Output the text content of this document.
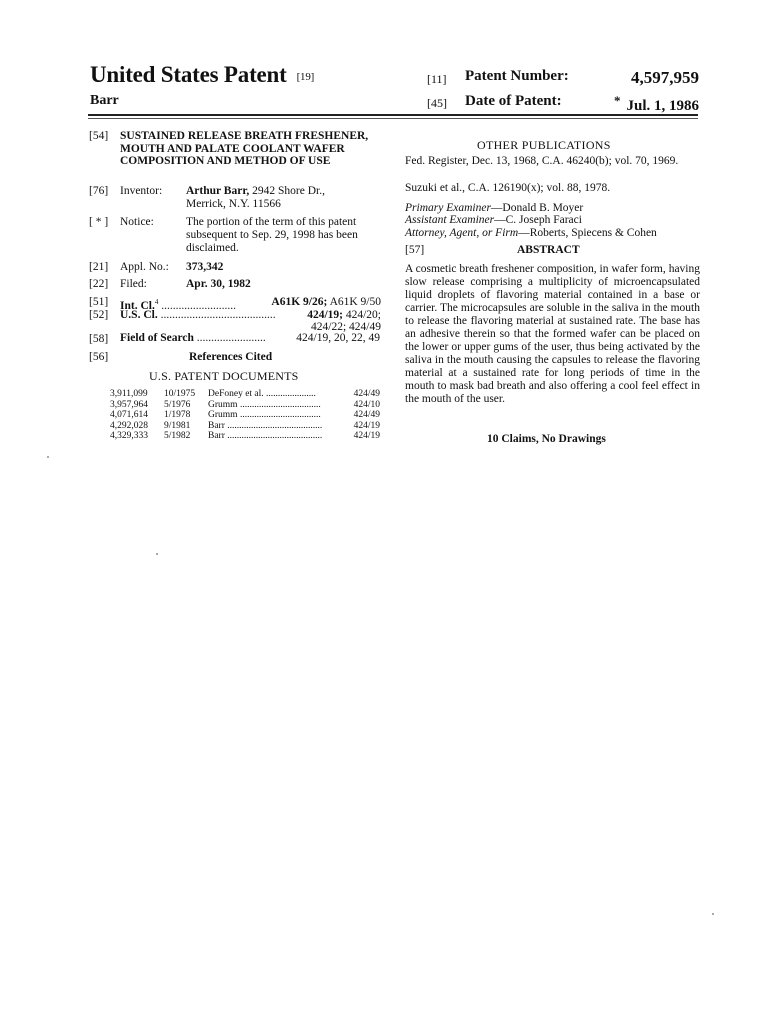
United States Patent [19]
Barr
[11] Patent Number:	4,597,959
[45] Date of Patent:	* Jul. 1, 1986
[54] SUSTAINED RELEASE BREATH FRESHENER, MOUTH AND PALATE COOLANT WAFER COMPOSITION AND METHOD OF USE
[76] Inventor: Arthur Barr, 2942 Shore Dr.,
Merrick, N.Y. 11566
[ * ] Notice:	The portion of the term of this patent subsequent to Sep. 29, 1998 has been disclaimed.
[21] Appl. No.: 373,342
[22] Filed:	Apr. 30, 1982
[51] Int. Cl.$^4$ ..........................	A61K 9/26; A61K 9/50
[52] U.S. Cl. ........................................	424/19; 424/20;
424/22; 424/49
[58] Field of Search ........................	424/19, 20, 22, 49
[56]	References Cited
U.S. PATENT DOCUMENTS
3,911,099	10/1975	DeFoney et al. .....................	424/49
3,957,964	5/1976	Grumm ..................................	424/10
4,071,614	1/1978	Grumm ..................................	424/49
4,292,028	9/1981	Barr ........................................	424/19
4,329,333	5/1982	Barr ........................................	424/19
OTHER PUBLICATIONS
Fed. Register, Dec. 13, 1968, C.A. 46240(b); vol. 70, 1969.
Suzuki et al., C.A. 126190(x); vol. 88, 1978.
Primary Examiner—Donald B. Moyer
Assistant Examiner—C. Joseph Faraci
Attorney, Agent, or Firm—Roberts, Spiecens & Cohen
[57]	ABSTRACT
A cosmetic breath freshener composition, in wafer form, having slow release comprising a multiplicity of microencapsulated liquid droplets of flavoring material contained in a base or carrier. The microcapsules are soluble in the saliva in the mouth to release the flavoring material at sustained rate. The base has an adhesive therein so that the formed wafer can be placed on the lower or upper gums of the user, thus being activated by the saliva in the mouth causing the capsules to release the flavoring material at a sustained rate for long periods of time in the mouth to mask bad breath and also offering a cool feel effect in the mouth of the user.
10 Claims, No Drawings
